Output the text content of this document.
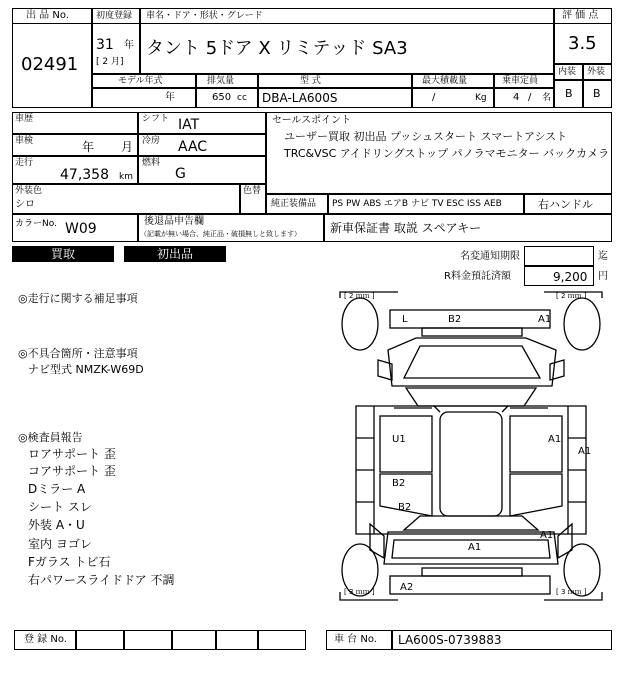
出 品 No.
02491
初度登録
31 年
[ 2 月]
車名・ドア・形状・グレード
タント 5ドア X リミテッド SA3
モデル年式
年
排気量
650 cc
型 式
DBA-LA600S
最大積載量
/	Kg
乗車定員
4 / 名
評 価 点
3.5
内装 外装
B B
車歴
車検	年 月
走行
47,358 km
シフト IAT
冷房 AAC
燃料
G
外装色
シロ
色替
カラーNo. W09	後退品申告欄
（記載が無い場合、純正品・破損無しと致します）
セールスポイント
ユーザー買取 初出品 プッシュスタート スマートアシスト
TRC&VSC アイドリングストップ パノラマモニター バックカメラ
純正装備品 PS PW ABS エアB ナビ TV ESC ISS AEB	右ハンドル
新車保証書 取説 スペアキー
買取	初出品	名変通知期限	迄
R料金預託済額	9,200 円
◎走行に関する補足事項
◎不具合箇所・注意事項
ナビ型式 NMZK-W69D
◎検査員報告
ロアサポート 歪
コアサポート 歪
Dミラー A
シート スレ
外装 A・U
室内 ヨゴレ
Fガラス トビ石
右パワースライドドア 不調
[ 2 ｍｍ ]	[ 2 ｍｍ ]
[ 3 ｍｍ ]	[ 3 ｍｍ ]
L	B2	A1
U1	A1
A1
B2
B2
A1
A1
A2
登 録 No.	車 台 No. LA600S-0739883
